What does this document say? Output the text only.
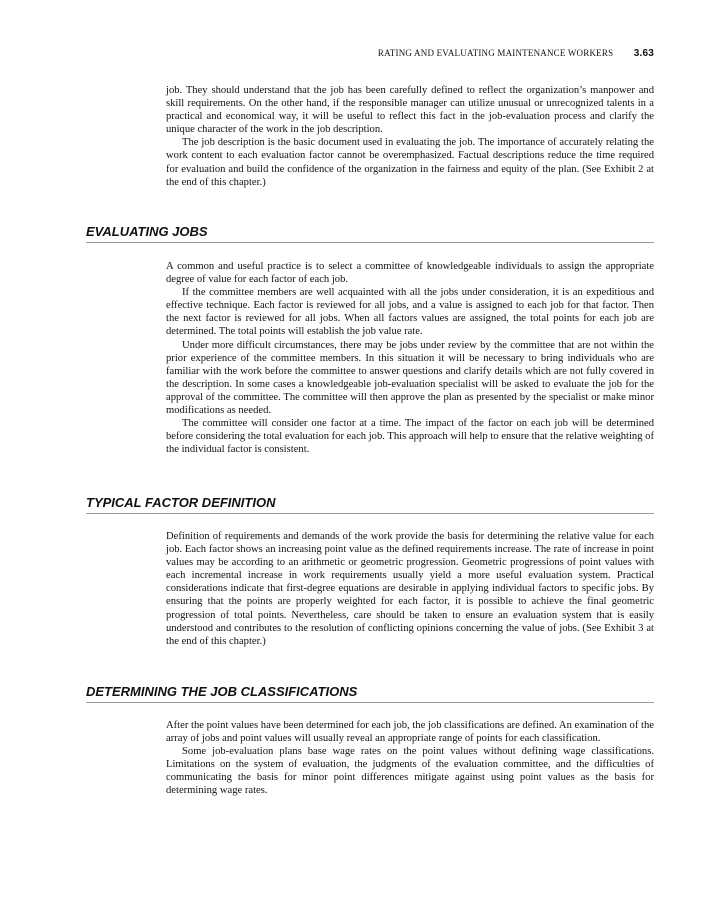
RATING AND EVALUATING MAINTENANCE WORKERS 3.63

job. They should understand that the job has been carefully defined to reflect the organization’s manpower and skill requirements. On the other hand, if the responsible manager can utilize unusual or unrecognized talents in a practical and economical way, it will be useful to reflect this fact in the job-evaluation process and clarify the unique character of the work in the job description.

The job description is the basic document used in evaluating the job. The importance of accurately relating the work content to each evaluation factor cannot be overemphasized. Factual descriptions reduce the time required for evaluation and build the confidence of the organization in the fairness and equity of the plan. (See Exhibit 2 at the end of this chapter.)

EVALUATING JOBS

A common and useful practice is to select a committee of knowledgeable individuals to assign the appropriate degree of value for each factor of each job.

If the committee members are well acquainted with all the jobs under consideration, it is an expeditious and effective technique. Each factor is reviewed for all jobs, and a value is assigned to each job for that factor. Then the next factor is reviewed for all jobs. When all factors values are assigned, the total points for each job are determined. The total points will establish the job value rate.

Under more difficult circumstances, there may be jobs under review by the committee that are not within the prior experience of the committee members. In this situation it will be necessary to bring individuals who are familiar with the work before the committee to answer questions and clarify details which are not fully covered in the description. In some cases a knowledgeable job-evaluation specialist will be asked to evaluate the job for the approval of the committee. The committee will then approve the plan as presented by the specialist or make minor modifications as needed.

The committee will consider one factor at a time. The impact of the factor on each job will be determined before considering the total evaluation for each job. This approach will help to ensure that the relative weighting of the individual factor is consistent.

TYPICAL FACTOR DEFINITION

Definition of requirements and demands of the work provide the basis for determining the relative value for each job. Each factor shows an increasing point value as the defined requirements increase. The rate of increase in point values may be according to an arithmetic or geometric progression. Geometric progressions of point values with each incremental increase in work requirements usually yield a more useful evaluation system. Practical considerations indicate that first-degree equations are desirable in applying individual factors to specific jobs. By ensuring that the points are properly weighted for each factor, it is possible to achieve the final geometric progression of total points. Nevertheless, care should be taken to ensure an evaluation system that is easily understood and contributes to the resolution of conflicting opinions concerning the value of jobs. (See Exhibit 3 at the end of this chapter.)

DETERMINING THE JOB CLASSIFICATIONS

After the point values have been determined for each job, the job classifications are defined. An examination of the array of jobs and point values will usually reveal an appropriate range of points for each classification.

Some job-evaluation plans base wage rates on the point values without defining wage classifications. Limitations on the system of evaluation, the judgments of the evaluation committee, and the difficulties of communicating the basis for minor point differences mitigate against using point values as the basis for determining wage rates.
